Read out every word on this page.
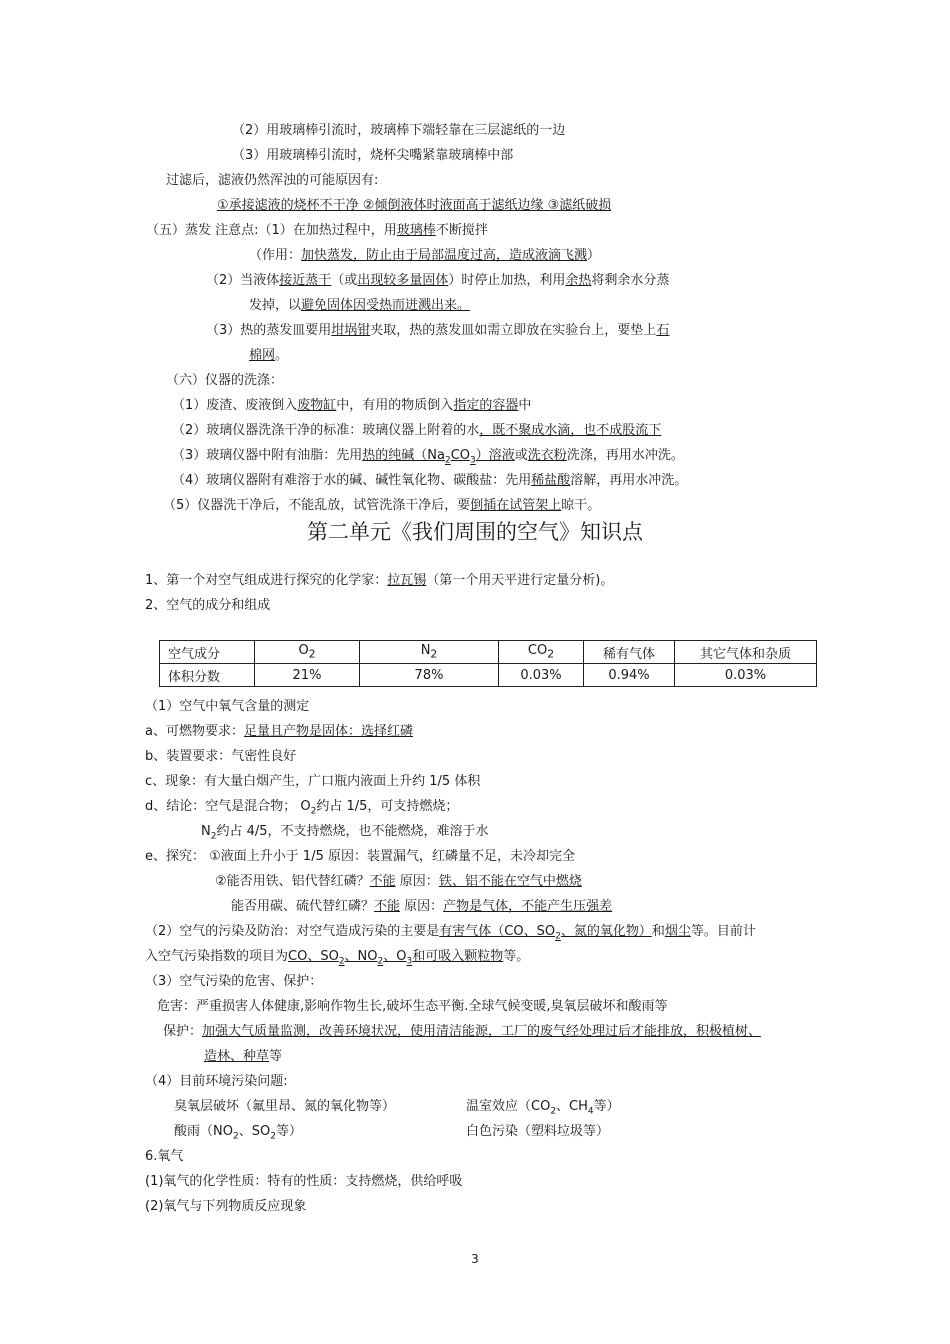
（2）用玻璃棒引流时，玻璃棒下端轻靠在三层滤纸的一边
（3）用玻璃棒引流时，烧杯尖嘴紧靠玻璃棒中部
过滤后，滤液仍然浑浊的可能原因有:
①承接滤液的烧杯不干净 ②倾倒液体时液面高于滤纸边缘 ③滤纸破损
（五）蒸发 注意点:（1）在加热过程中，用玻璃棒不断搅拌
（作用：加快蒸发，防止由于局部温度过高，造成液滴飞溅）
（2）当液体接近蒸干（或出现较多量固体）时停止加热，利用余热将剩余水分蒸
发掉，以避免固体因受热而迸溅出来。
（3）热的蒸发皿要用坩埚钳夹取，热的蒸发皿如需立即放在实验台上，要垫上石
棉网。
（六）仪器的洗涤：
（1）废渣、废液倒入废物缸中，有用的物质倒入指定的容器中
（2）玻璃仪器洗涤干净的标准：玻璃仪器上附着的水，既不聚成水滴，也不成股流下
（3）玻璃仪器中附有油脂：先用热的纯碱$(Na_2CO_3)$溶液或洗衣粉洗涤，再用水冲洗。
（4）玻璃仪器附有难溶于水的碱、碱性氧化物、碳酸盐：先用稀盐酸溶解，再用水冲洗。
（5）仪器洗干净后，不能乱放，试管洗涤干净后，要倒插在试管架上晾干。
1、第一个对空气组成进行探究的化学家：拉瓦锡（第一个用天平进行定量分析)。
2、空气的成分和组成
（1）空气中氧气含量的测定
a、可燃物要求：足量且产物是固体：选择红磷
b、装置要求：气密性良好
c、现象：有大量白烟产生，广口瓶内液面上升约 1/5 体积
d、结论：空气是混合物； $O_2$约占 1/5，可支持燃烧；
$N_2$约占 4/5，不支持燃烧，也不能燃烧，难溶于水
e、探究： ①液面上升小于 1/5 原因：装置漏气，红磷量不足，未冷却完全
②能否用铁、铝代替红磷？不能 原因：铁、铝不能在空气中燃烧
能否用碳、硫代替红磷？不能 原因：产物是气体，不能产生压强差
（2）空气的污染及防治：对空气造成污染的主要是有害气体（CO、$SO_2$、氮的氧化物）和烟尘等。目前计
入空气污染指数的项目为CO、$SO_2$、$NO_2$、$O_3$和可吸入颗粒物等。
（3）空气污染的危害、保护：
危害：严重损害人体健康,影响作物生长,破坏生态平衡.全球气候变暖,臭氧层破坏和酸雨等
保护：加强大气质量监测，改善环境状况，使用清洁能源，工厂的废气经处理过后才能排放，积极植树、
造林、种草等
（4）目前环境污染问题:
臭氧层破坏（氟里昂、氮的氧化物等）	温室效应（$CO_2$、$CH_4$等）
酸雨（$NO_2$、$SO_2$等）	白色污染（塑料垃圾等）
6.氧气
(1)氧气的化学性质：特有的性质：支持燃烧，供给呼吸
(2)氧气与下列物质反应现象
第二单元《我们周围的空气》知识点
空气成分	$O_2$	$N_2$	$CO_2$	稀有气体	其它气体和杂质
体积分数	21%	78%	0.03%	0.94%	0.03%
3
